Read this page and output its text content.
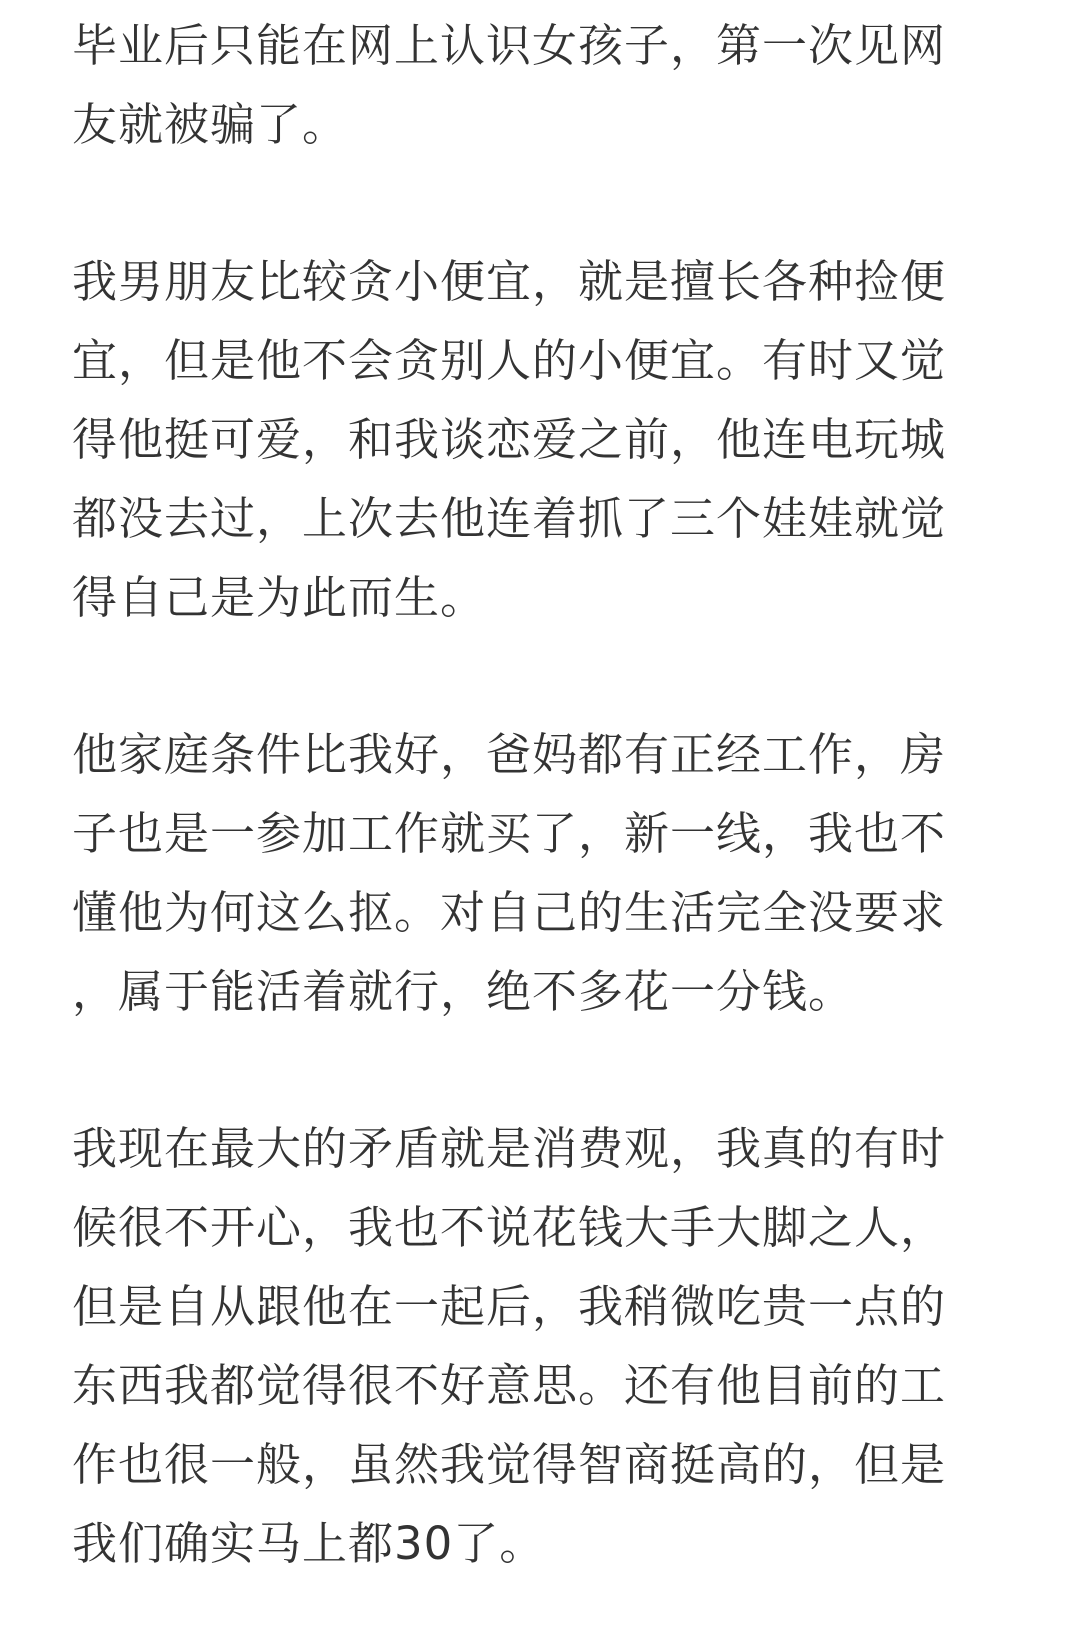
毕业后只能在网上认识女孩子，第一次见网
友就被骗了。
我男朋友比较贪小便宜，就是擅长各种捡便
宜，但是他不会贪别人的小便宜。有时又觉
得他挺可爱，和我谈恋爱之前，他连电玩城
都没去过，上次去他连着抓了三个娃娃就觉
得自己是为此而生。
他家庭条件比我好，爸妈都有正经工作，房
子也是一参加工作就买了，新一线，我也不
懂他为何这么抠。对自己的生活完全没要求
，属于能活着就行，绝不多花一分钱。
我现在最大的矛盾就是消费观，我真的有时
候很不开心，我也不说花钱大手大脚之人，
但是自从跟他在一起后，我稍微吃贵一点的
东西我都觉得很不好意思。还有他目前的工
作也很一般，虽然我觉得智商挺高的，但是
我们确实马上都30了。
